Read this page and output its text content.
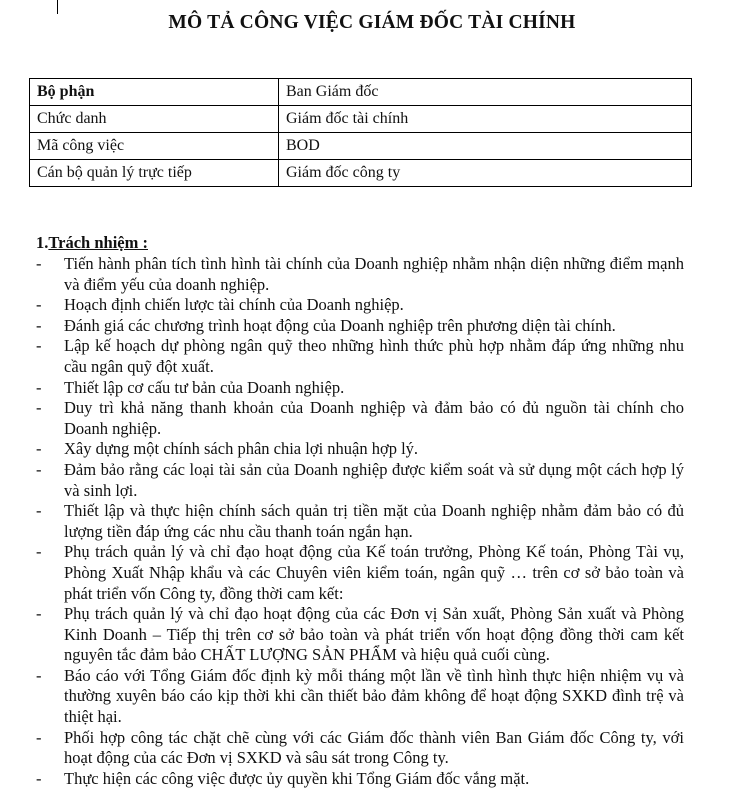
MÔ TẢ CÔNG VIỆC GIÁM ĐỐC TÀI CHÍNH
Bộ phận	Ban Giám đốc
Chức danh	Giám đốc tài chính
Mã công việc	BOD
Cán bộ quản lý trực tiếp	Giám đốc công ty
1.Trách nhiệm :
- Tiến hành phân tích tình hình tài chính của Doanh nghiệp nhằm nhận diện những điểm mạnh và điểm yếu của doanh nghiệp.
- Hoạch định chiến lược tài chính của Doanh nghiệp.
- Đánh giá các chương trình hoạt động của Doanh nghiệp trên phương diện tài chính.
- Lập kế hoạch dự phòng ngân quỹ theo những hình thức phù hợp nhằm đáp ứng những nhu cầu ngân quỹ đột xuất.
- Thiết lập cơ cấu tư bản của Doanh nghiệp.
- Duy trì khả năng thanh khoản của Doanh nghiệp và đảm bảo có đủ nguồn tài chính cho Doanh nghiệp.
- Xây dựng một chính sách phân chia lợi nhuận hợp lý.
- Đảm bảo rằng các loại tài sản của Doanh nghiệp được kiểm soát và sử dụng một cách hợp lý và sinh lợi.
- Thiết lập và thực hiện chính sách quản trị tiền mặt của Doanh nghiệp nhằm đảm bảo có đủ lượng tiền đáp ứng các nhu cầu thanh toán ngắn hạn.
- Phụ trách quản lý và chỉ đạo hoạt động của Kế toán trưởng, Phòng Kế toán, Phòng Tài vụ, Phòng Xuất Nhập khẩu và các Chuyên viên kiểm toán, ngân quỹ … trên cơ sở bảo toàn và phát triển vốn Công ty, đồng thời cam kết:
- Phụ trách quản lý và chỉ đạo hoạt động của các Đơn vị Sản xuất, Phòng Sản xuất và Phòng Kinh Doanh – Tiếp thị trên cơ sở bảo toàn và phát triển vốn hoạt động đồng thời cam kết nguyên tắc đảm bảo CHẤT LƯỢNG SẢN PHẨM và hiệu quả cuối cùng.
- Báo cáo với Tổng Giám đốc định kỳ mỗi tháng một lần về tình hình thực hiện nhiệm vụ và thường xuyên báo cáo kịp thời khi cần thiết bảo đảm không để hoạt động SXKD đình trệ và thiệt hại.
- Phối hợp công tác chặt chẽ cùng với các Giám đốc thành viên Ban Giám đốc Công ty, với hoạt động của các Đơn vị SXKD và sâu sát trong Công ty.
- Thực hiện các công việc được ủy quyền khi Tổng Giám đốc vắng mặt.
